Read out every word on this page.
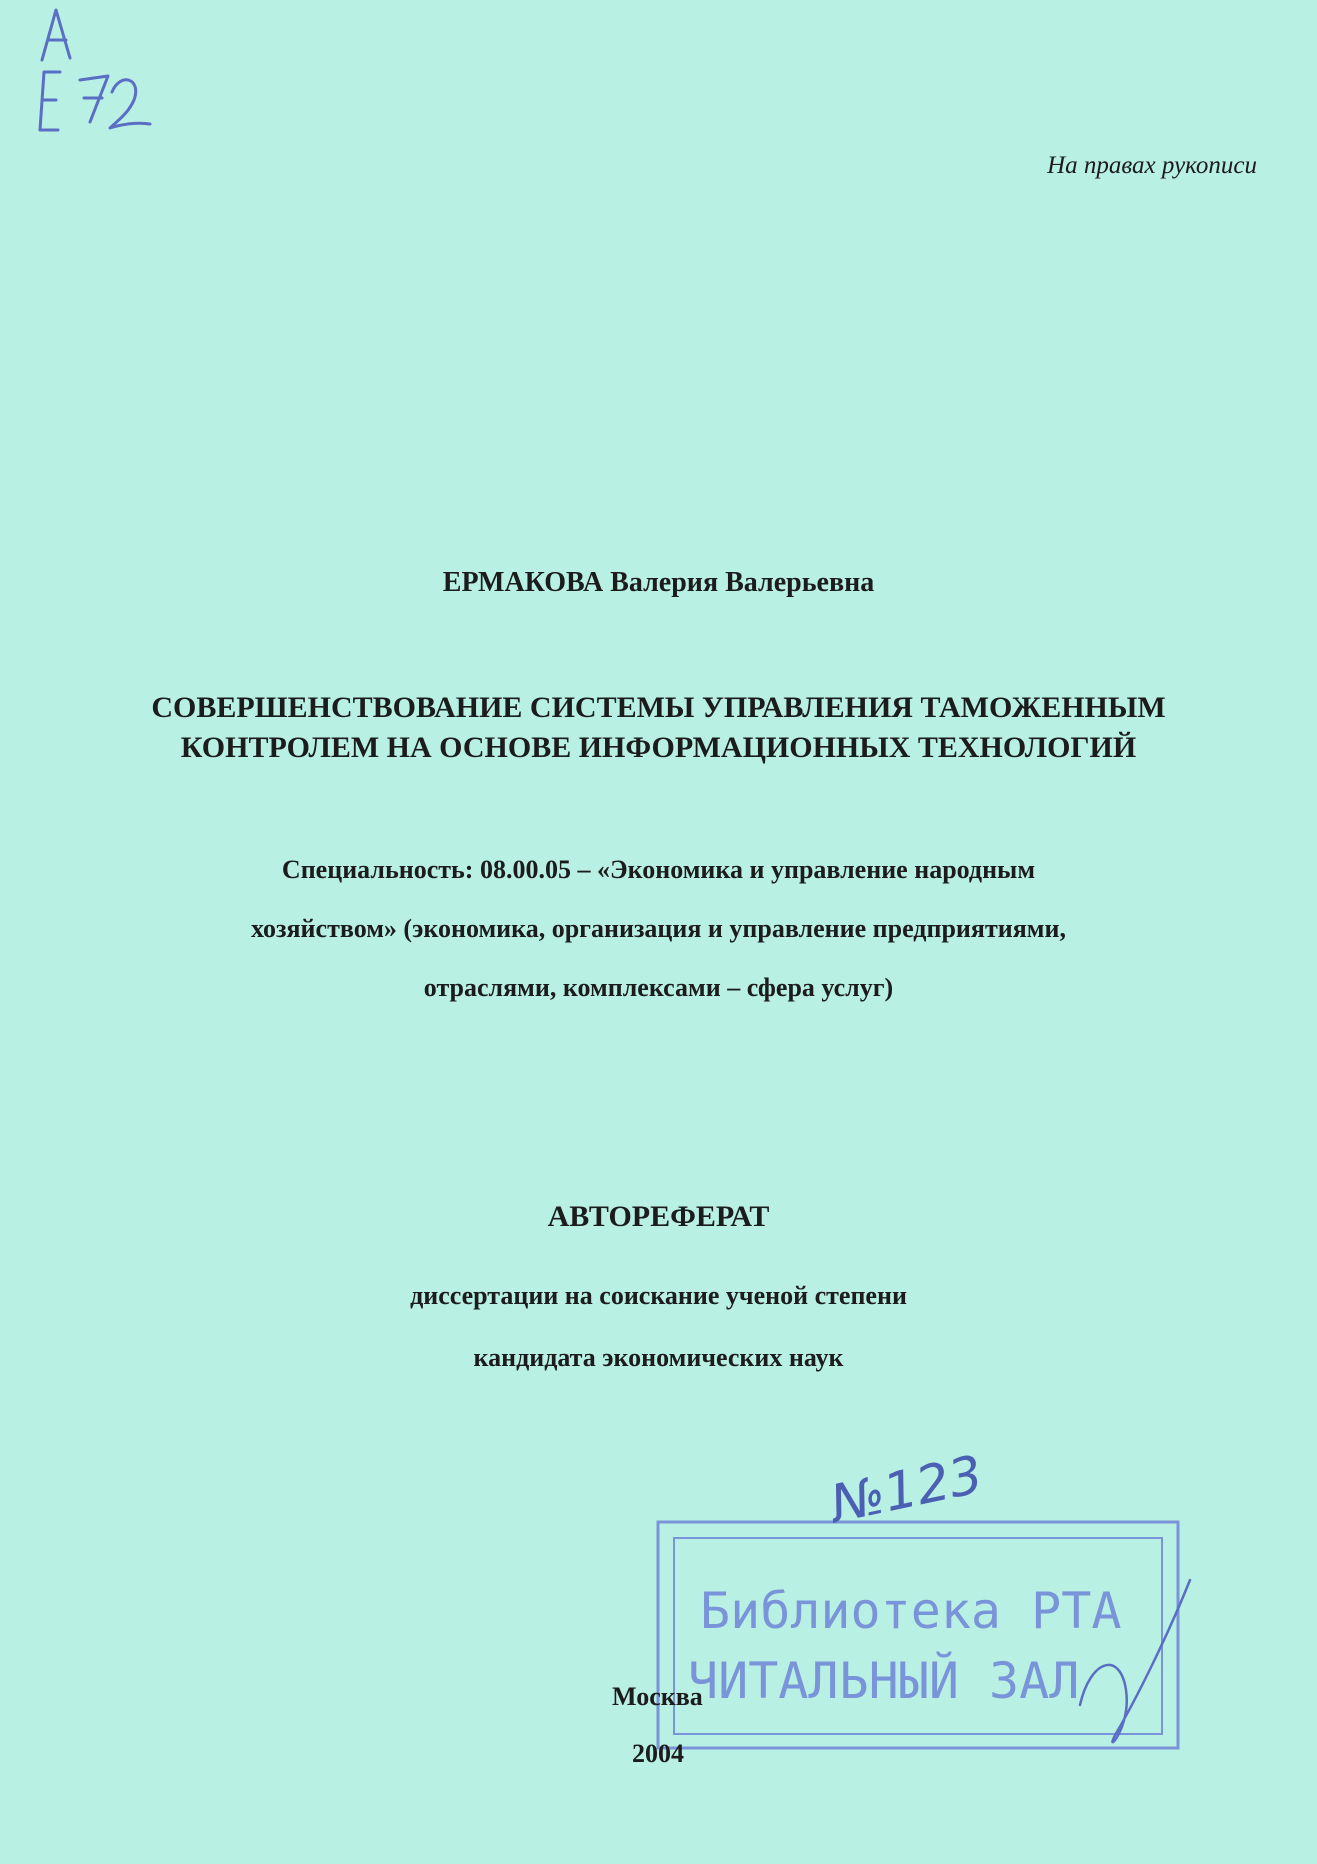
На правах рукописи
ЕРМАКОВА Валерия Валерьевна
СОВЕРШЕНСТВОВАНИЕ СИСТЕМЫ УПРАВЛЕНИЯ ТАМОЖЕННЫМ
КОНТРОЛЕМ НА ОСНОВЕ ИНФОРМАЦИОННЫХ ТЕХНОЛОГИЙ
Специальность: 08.00.05 – «Экономика и управление народным
хозяйством» (экономика, организация и управление предприятиями,
отраслями, комплексами – сфера услуг)
АВТОРЕФЕРАТ
диссертации на соискание ученой степени
кандидата экономических наук
Библиотека РТА
ЧИТАЛЬНЫЙ ЗАЛ
№123
Москва
2004
